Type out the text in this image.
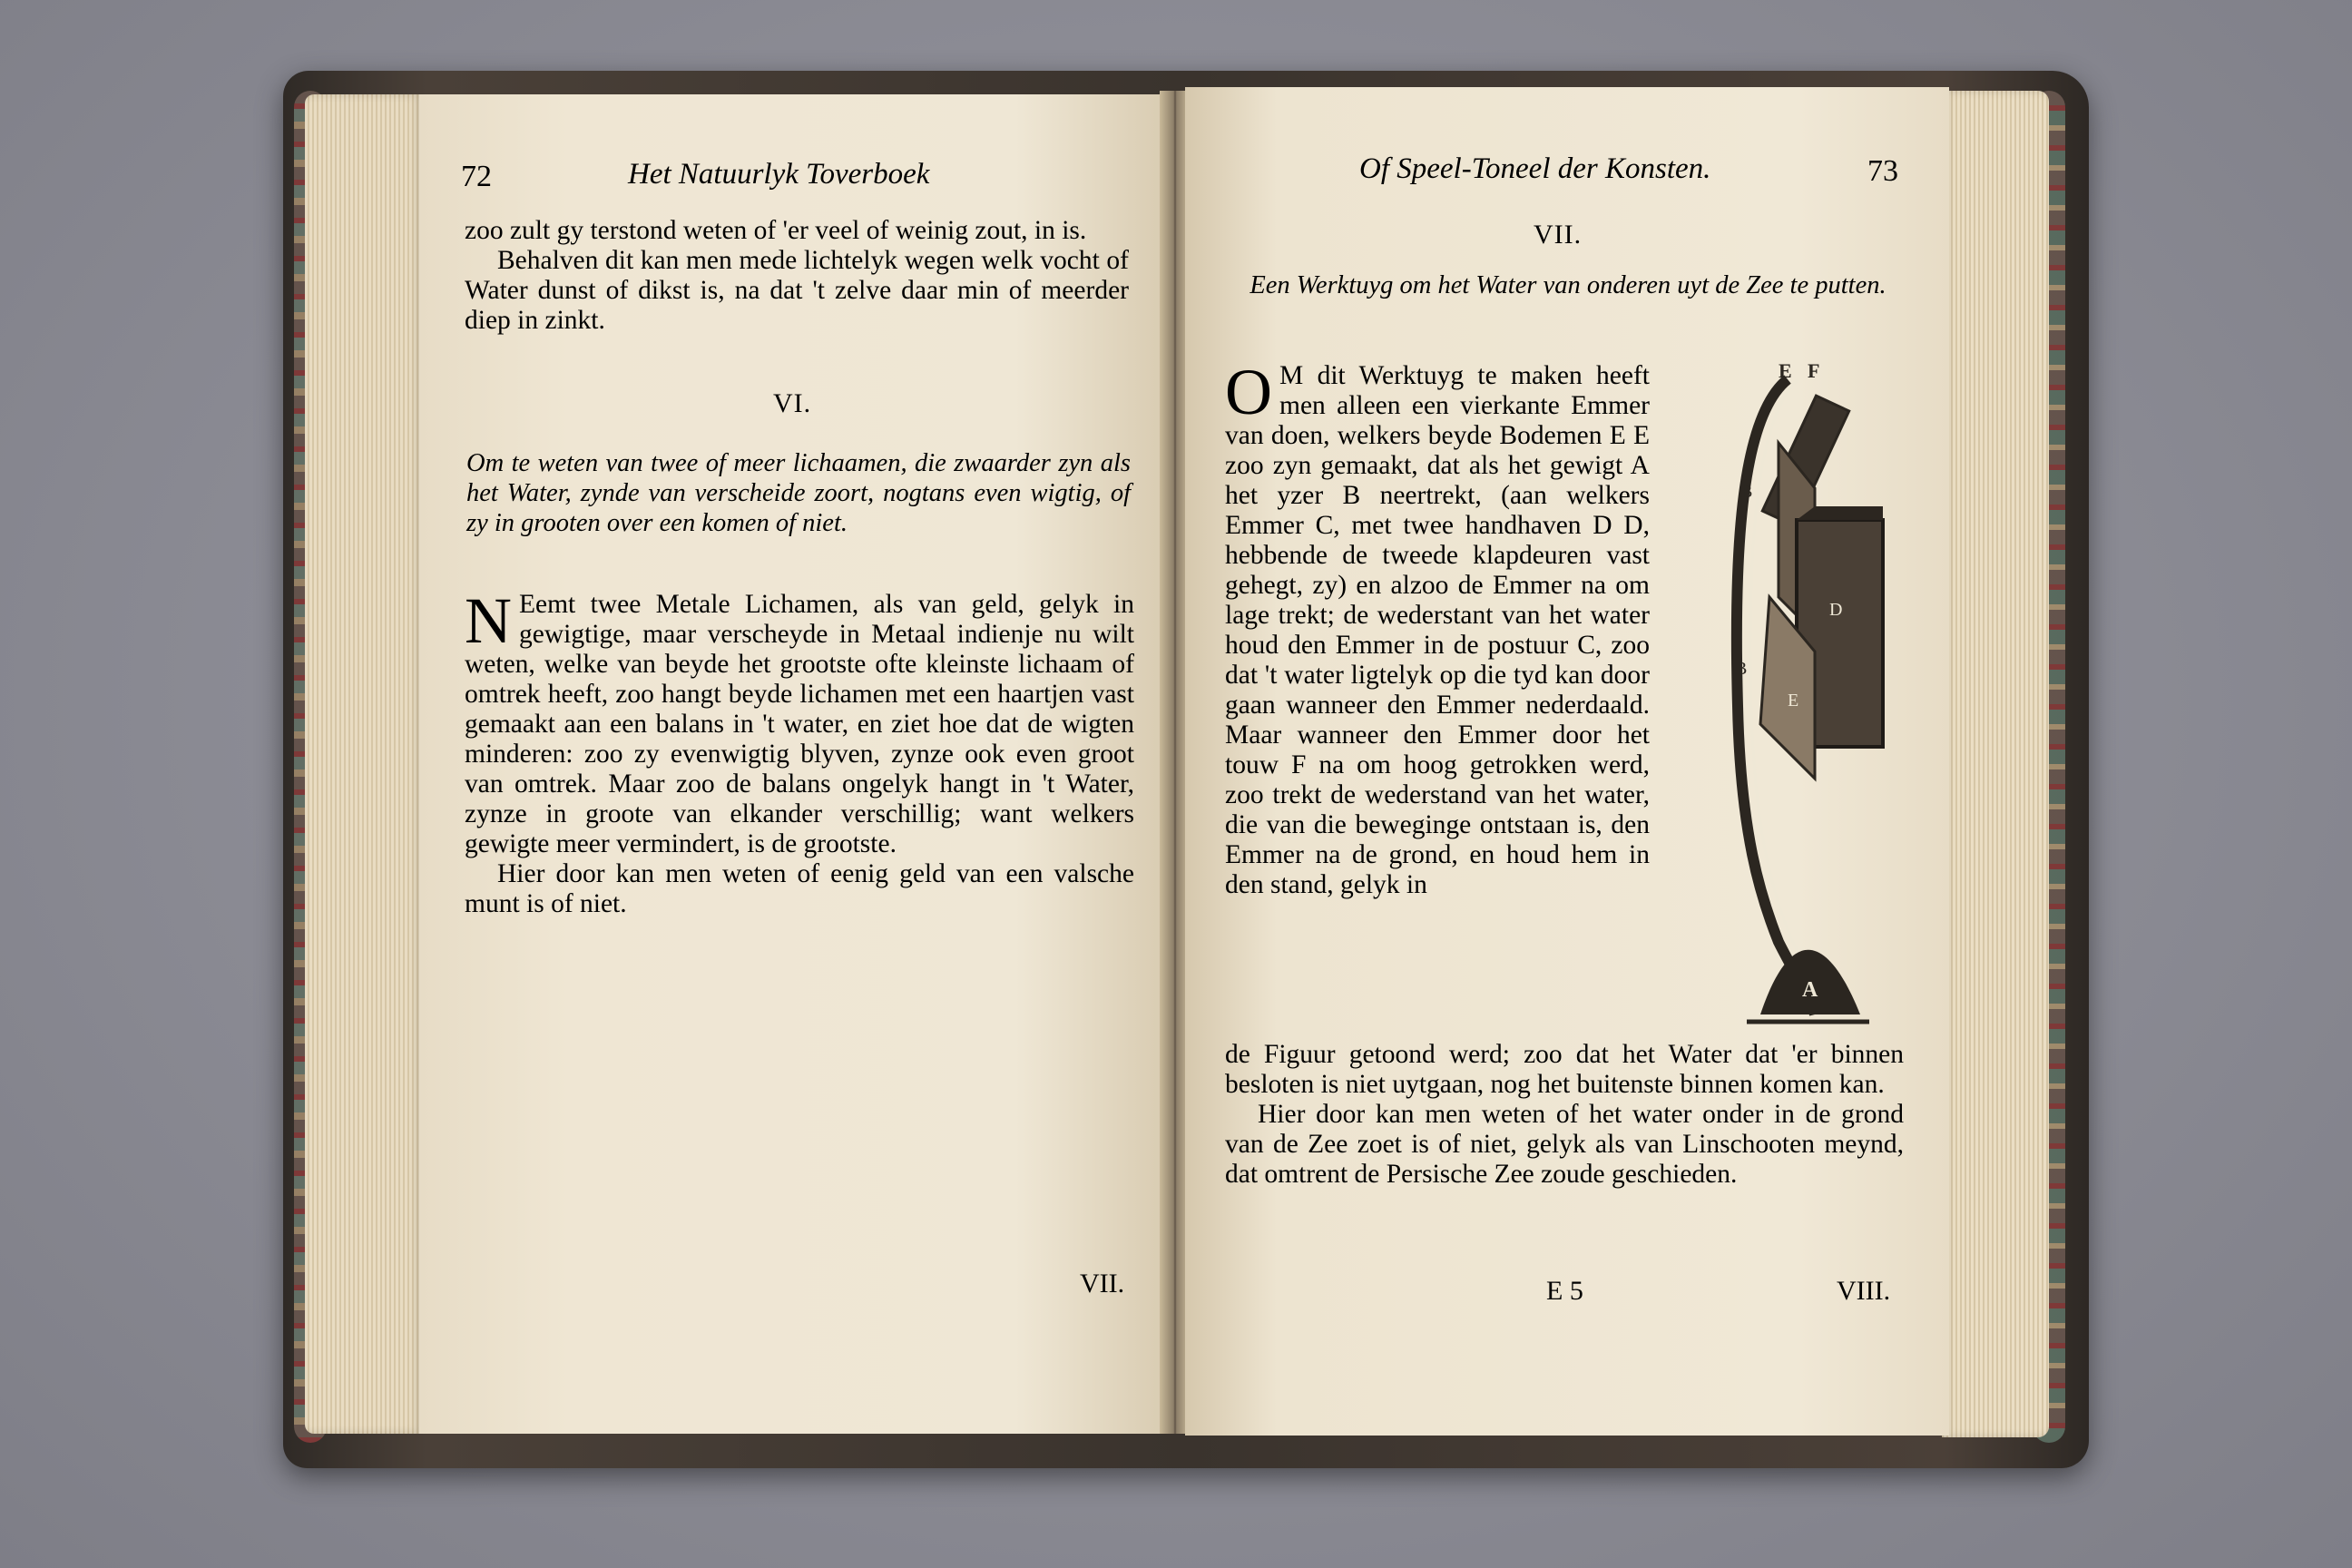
72	Het Natuurlyk Toverboek

zoo zult gy terstond weten of 'er veel of weinig zout, in is.

Behalven dit kan men mede lichtelyk wegen welk vocht of Water dunst of dikst is, na dat 't zelve daar min of meerder diep in zinkt.

VI.
Om te weten van twee of meer lichaamen, die zwaarder zyn als het Water, zynde van verscheide zoort, nogtans even wigtig, of zy in grooten over een komen of niet.
N Eemt twee Metale Lichamen, als van geld, gelyk in gewigtige, maar verscheyde in Metaal indienje nu wilt weten, welke van beyde het grootste ofte kleinste lichaam of omtrek heeft, zoo hangt beyde lichamen met een haartjen vast gemaakt aan een balans in 't water, en ziet hoe dat de wigten minderen: zoo zy evenwigtig blyven, zynze ook even groot van omtrek. Maar zoo de balans ongelyk hangt in 't Water, zynze in groote van elkander verschillig; want welkers gewigte meer vermindert, is de grootste.

Hier door kan men weten of eenig geld van een valsche munt is of niet.

VII.
Of Speel-Toneel der Konsten.	73
VII.
Een Werktuyg om het Water van onderen uyt de Zee te putten.
O M dit Werktuyg te maken heeft men alleen een vierkante Emmer van doen, welkers beyde Bodemen E E zoo zyn gemaakt, dat als het gewigt A het yzer B neertrekt, (aan welkers Emmer C, met twee handhaven D D, hebbende de tweede klapdeuren vast gehegt, zy) en alzoo de Emmer na om lage trekt; de wederstant van het water houd den Emmer in de postuur C, zoo dat 't water ligtelyk op die tyd kan door gaan wanneer den Emmer nederdaald. Maar wanneer den Emmer door het touw F na om hoog getrokken werd, zoo trekt de wederstand van het water, die van die beweginge ontstaan is, den Emmer na de grond, en houd hem in den stand, gelyk in

de Figuur getoond werd; zoo dat het Water dat 'er binnen besloten is niet uytgaan, nog het buitenste binnen komen kan.

Hier door kan men weten of het water onder in de grond van de Zee zoet is of niet, gelyk als van Linschooten meynd, dat omtrent de Persische Zee zoude geschieden.

E F
B
D
B
E
A
E 5	VIII.
